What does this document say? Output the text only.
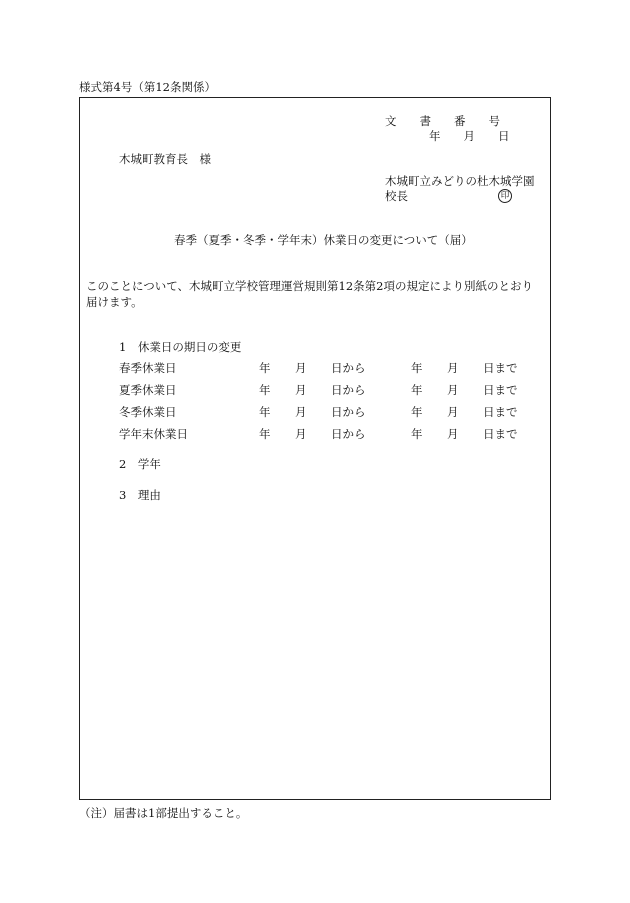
様式第4号（第12条関係）
文　　書　　番　　号
年　　月　　日
木城町教育長　様
木城町立みどりの杜木城学園
校長	印
春季（夏季・冬季・学年末）休業日の変更について（届）
このことについて、木城町立学校管理運営規則第12条第2項の規定により別紙のとおり届けます。
1　休業日の期日の変更
春季休業日	年 月 日から	年 月 日まで
夏季休業日	年 月 日から	年 月 日まで
冬季休業日	年 月 日から	年 月 日まで
学年末休業日	年 月 日から	年 月 日まで
2　学年
3　理由
（注）届書は1部提出すること。
